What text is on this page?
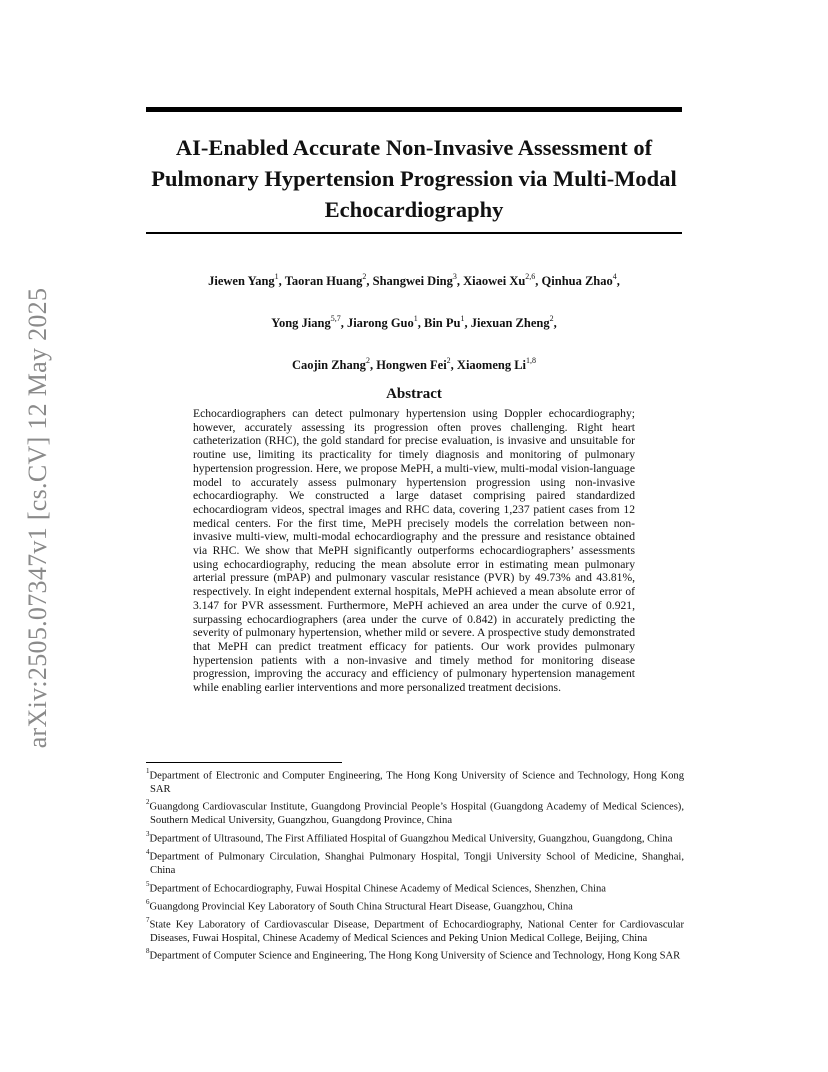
arXiv:2505.07347v1 [cs.CV] 12 May 2025
AI-Enabled Accurate Non-Invasive Assessment of
Pulmonary Hypertension Progression via Multi-Modal
Echocardiography
Jiewen Yang$^1$, Taoran Huang$^2$, Shangwei Ding$^3$, Xiaowei Xu$^{2,6}$, Qinhua Zhao$^4$,
Yong Jiang$^{5,7}$, Jiarong Guo$^1$, Bin Pu$^1$, Jiexuan Zheng$^2$,
Caojin Zhang$^2$, Hongwen Fei$^2$, Xiaomeng Li$^{1,8}$
Abstract

Echocardiographers can detect pulmonary hypertension using Doppler echocardiography; however, accurately assessing its progression often proves challenging. Right heart catheterization (RHC), the gold standard for precise evaluation, is invasive and unsuitable for routine use, limiting its practicality for timely diagnosis and monitoring of pulmonary hypertension progression. Here, we propose MePH, a multi-view, multi-modal vision-language model to accurately assess pulmonary hypertension progression using non-invasive echocardiography. We constructed a large dataset comprising paired standardized echocardiogram videos, spectral images and RHC data, covering 1,237 patient cases from 12 medical centers. For the first time, MePH precisely models the correlation between non-invasive multi-view, multi-modal echocardiography and the pressure and resistance obtained via RHC. We show that MePH significantly outperforms echocardiographers’ assessments using echocardiography, reducing the mean absolute error in estimating mean pulmonary arterial pressure (mPAP) and pulmonary vascular resistance (PVR) by 49.73% and 43.81%, respectively. In eight independent external hospitals, MePH achieved a mean absolute error of 3.147 for PVR assessment. Furthermore, MePH achieved an area under the curve of 0.921, surpassing echocardiographers (area under the curve of 0.842) in accurately predicting the severity of pulmonary hypertension, whether mild or severe. A prospective study demonstrated that MePH can predict treatment efficacy for patients. Our work provides pulmonary hypertension patients with a non-invasive and timely method for monitoring disease progression, improving the accuracy and efficiency of pulmonary hypertension management while enabling earlier interventions and more personalized treatment decisions.

$^1$Department of Electronic and Computer Engineering, The Hong Kong University of Science and Technology, Hong Kong SAR
$^2$Guangdong Cardiovascular Institute, Guangdong Provincial People’s Hospital (Guangdong Academy of Medical Sciences), Southern Medical University, Guangzhou, Guangdong Province, China
$^3$Department of Ultrasound, The First Affiliated Hospital of Guangzhou Medical University, Guangzhou, Guangdong, China
$^4$Department of Pulmonary Circulation, Shanghai Pulmonary Hospital, Tongji University School of Medicine, Shanghai, China
$^5$Department of Echocardiography, Fuwai Hospital Chinese Academy of Medical Sciences, Shenzhen, China
$^6$Guangdong Provincial Key Laboratory of South China Structural Heart Disease, Guangzhou, China
$^7$State Key Laboratory of Cardiovascular Disease, Department of Echocardiography, National Center for Cardiovascular Diseases, Fuwai Hospital, Chinese Academy of Medical Sciences and Peking Union Medical College, Beijing, China
$^8$Department of Computer Science and Engineering, The Hong Kong University of Science and Technology, Hong Kong SAR
